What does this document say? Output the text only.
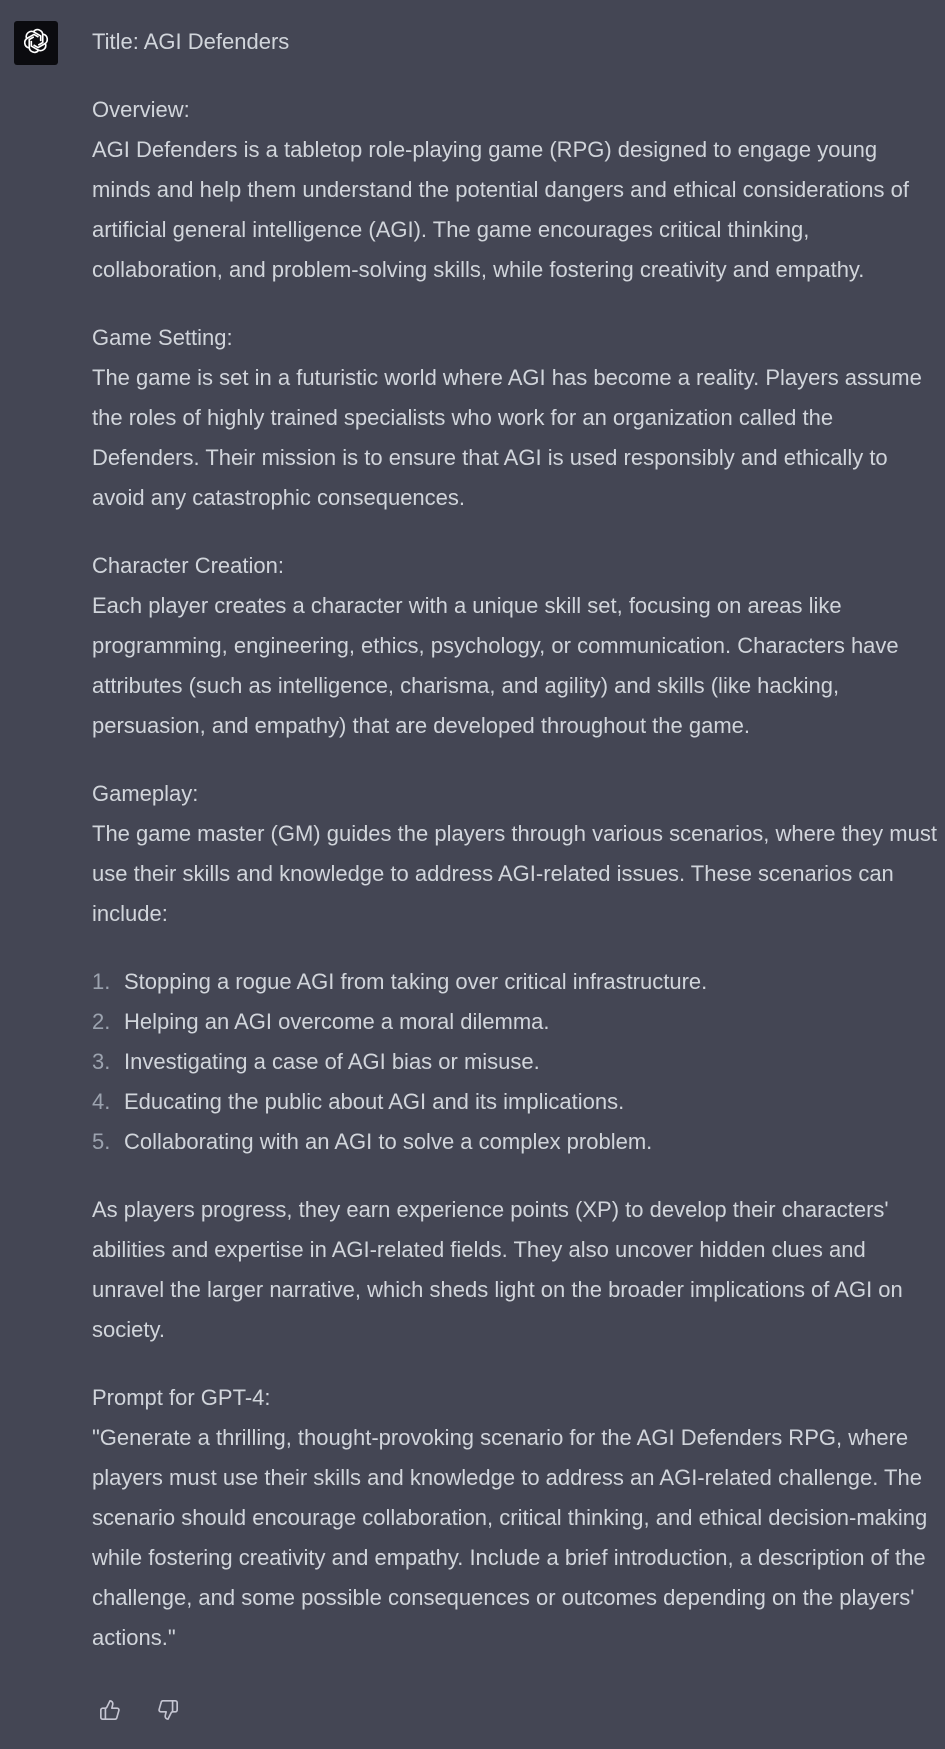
Title: AGI Defenders

Overview:

AGI Defenders is a tabletop role-playing game (RPG) designed to engage young minds and help them understand the potential dangers and ethical considerations of artificial general intelligence (AGI). The game encourages critical thinking, collaboration, and problem-solving skills, while fostering creativity and empathy.

Game Setting:

The game is set in a futuristic world where AGI has become a reality. Players assume the roles of highly trained specialists who work for an organization called the Defenders. Their mission is to ensure that AGI is used responsibly and ethically to avoid any catastrophic consequences.

Character Creation:

Each player creates a character with a unique skill set, focusing on areas like programming, engineering, ethics, psychology, or communication. Characters have attributes (such as intelligence, charisma, and agility) and skills (like hacking, persuasion, and empathy) that are developed throughout the game.

Gameplay:

The game master (GM) guides the players through various scenarios, where they must use their skills and knowledge to address AGI-related issues. These scenarios can include:

1. Stopping a rogue AGI from taking over critical infrastructure.
2. Helping an AGI overcome a moral dilemma.
3. Investigating a case of AGI bias or misuse.
4. Educating the public about AGI and its implications.
5. Collaborating with an AGI to solve a complex problem.

As players progress, they earn experience points (XP) to develop their characters' abilities and expertise in AGI-related fields. They also uncover hidden clues and unravel the larger narrative, which sheds light on the broader implications of AGI on society.

Prompt for GPT-4:

"Generate a thrilling, thought-provoking scenario for the AGI Defenders RPG, where players must use their skills and knowledge to address an AGI-related challenge. The scenario should encourage collaboration, critical thinking, and ethical decision-making while fostering creativity and empathy. Include a brief introduction, a description of the challenge, and some possible consequences or outcomes depending on the players' actions."
